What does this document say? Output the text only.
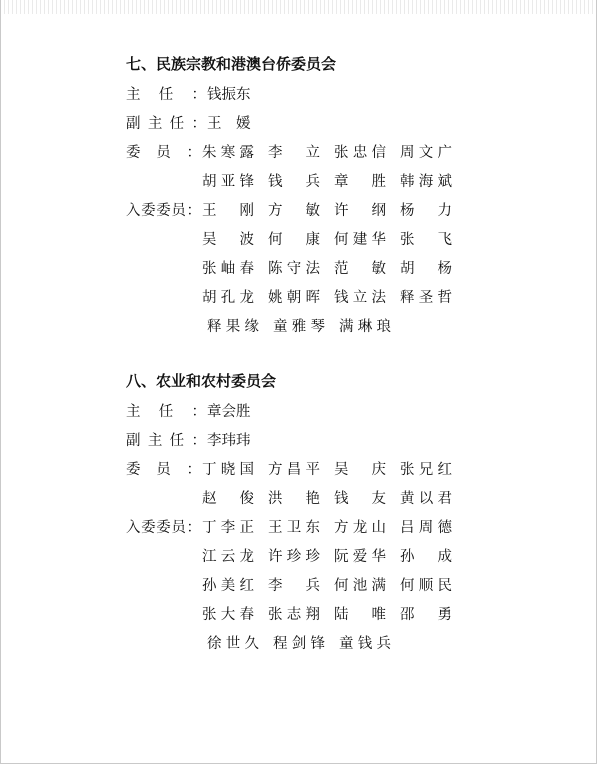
七、民族宗教和港澳台侨委员会
主 任 ： 钱振东
副 主 任 ： 王　媛
委 员 ： 朱 寒 露 李 立 张 忠 信 周 文 广
胡 亚 锋 钱 兵 章 胜 韩 海 斌
入 委 委 员 ： 王 刚 方 敏 许 纲 杨 力
吴 波 何 康 何 建 华 张 飞
张 岫 春 陈 守 法 范 敏 胡 杨
胡 孔 龙 姚 朝 晖 钱 立 法 释 圣 哲
释 果 缘 童 雅 琴 满 琳 琅
八、农业和农村委员会
主 任 ： 章会胜
副 主 任 ： 李玮玮
委 员 ： 丁 晓 国 方 昌 平 吴 庆 张 兄 红
赵 俊 洪 艳 钱 友 黄 以 君
入 委 委 员 ： 丁 李 正 王 卫 东 方 龙 山 吕 周 德
江 云 龙 许 珍 珍 阮 爱 华 孙 成
孙 美 红 李 兵 何 池 满 何 顺 民
张 大 春 张 志 翔 陆 唯 邵 勇
徐 世 久 程 剑 锋 童 钱 兵
